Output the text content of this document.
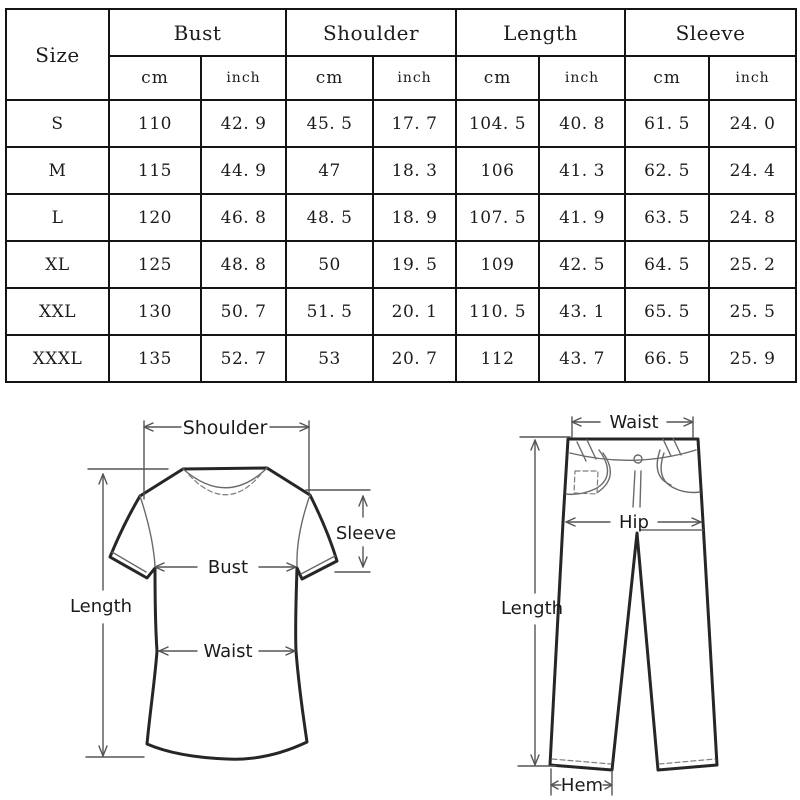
Size	Bust		Shoulder		Length		Sleeve	
	cm	inch	cm	inch	cm	inch	cm	inch
S	110	42. 9	45. 5	17. 7	104. 5	40. 8	61. 5	24. 0
M	115	44. 9	47	18. 3	106	41. 3	62. 5	24. 4
L	120	46. 8	48. 5	18. 9	107. 5	41. 9	63. 5	24. 8
XL	125	48. 8	50	19. 5	109	42. 5	64. 5	25. 2
XXL	130	50. 7	51. 5	20. 1	110. 5	43. 1	65. 5	25. 5
XXXL	135	52. 7	53	20. 7	112	43. 7	66. 5	25. 9
Shoulder
Length
Bust
Waist
Sleeve
Waist
Hip
Length
Hem
